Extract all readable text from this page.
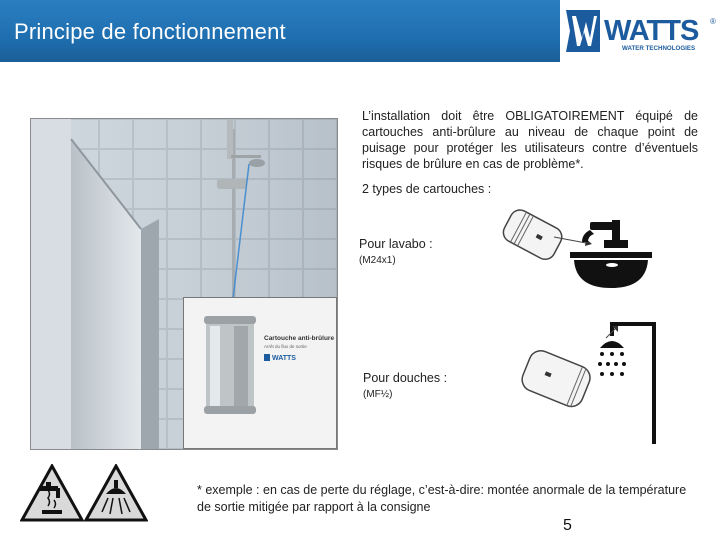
Principe de fonctionnement	WATTS ®
WATER TECHNOLOGIES
Cartouche anti-brûlure
Arrêt du flux de sortie
WATTS
L’installation doit être OBLIGATOIREMENT équipé de cartouches anti-brûlure au niveau de chaque point de puisage pour protéger les utilisateurs contre d’éventuels risques de brûlure en cas de problème*.
2 types de cartouches :
Pour lavabo :
(M24x1)
Pour douches :
(MF½)
* exemple : en cas de perte du réglage, c’est-à-dire: montée anormale de la température de sortie mitigée par rapport à la consigne
5
